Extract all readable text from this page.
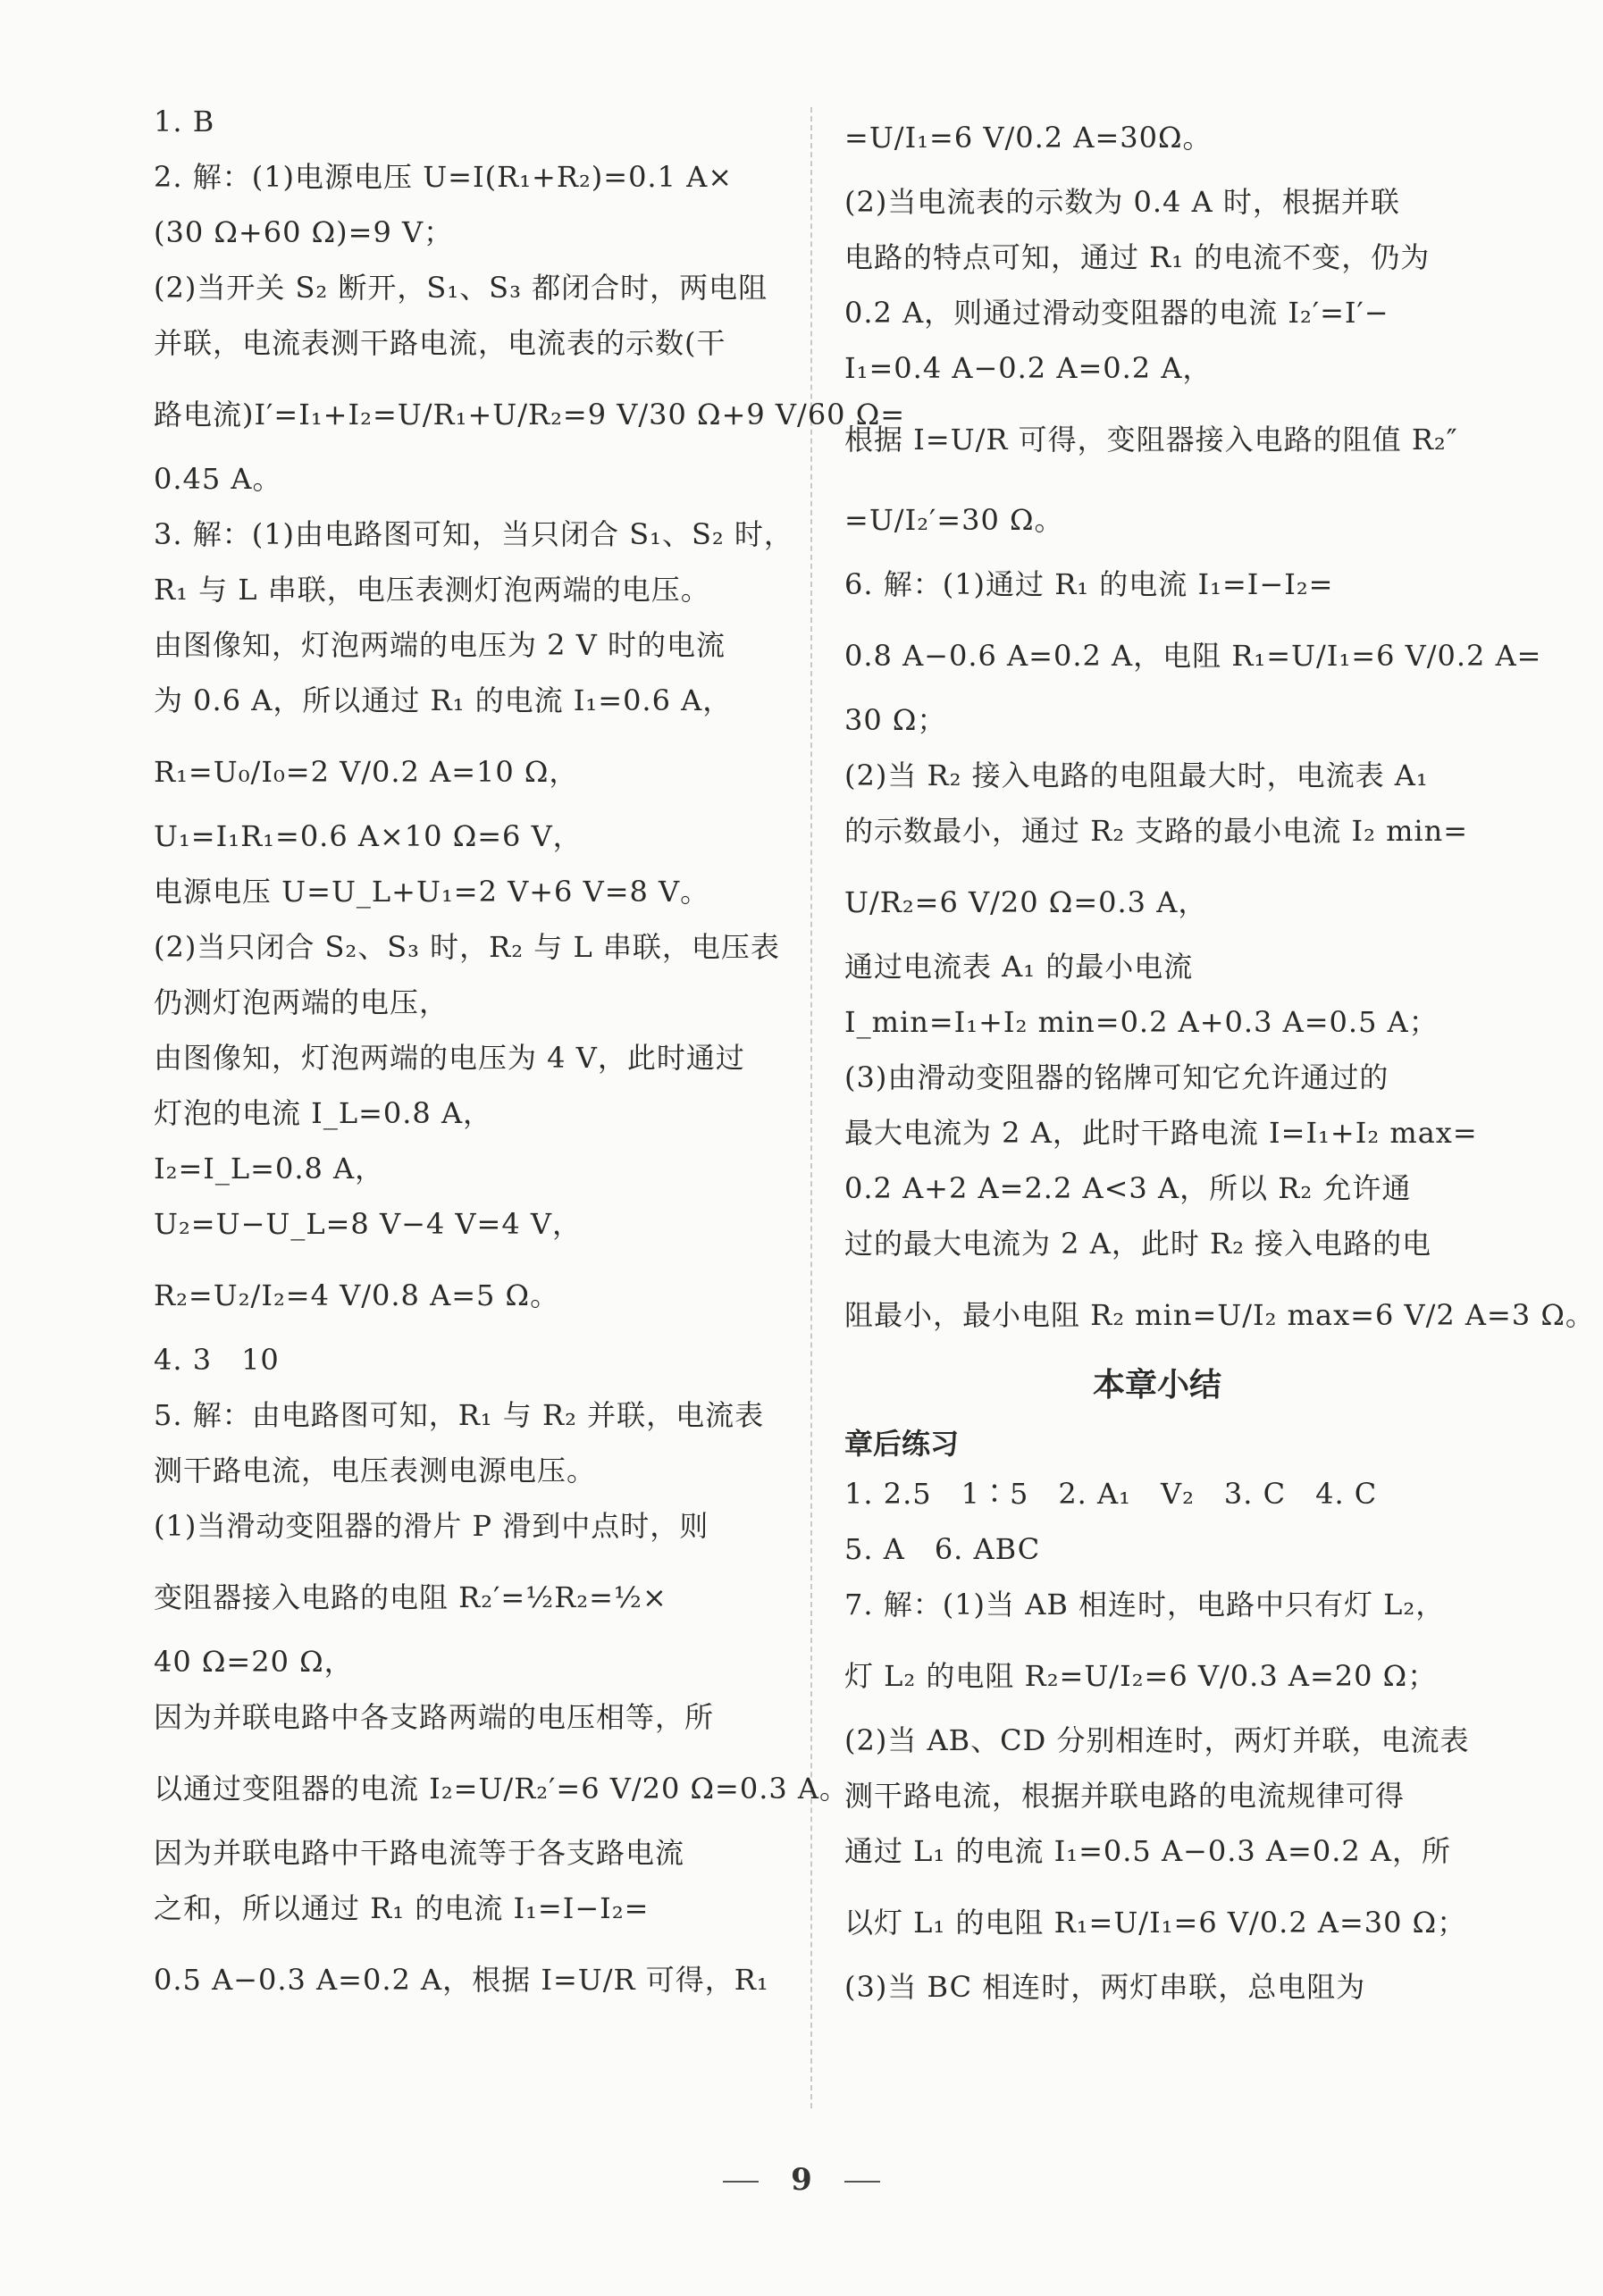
1. B
2. 解：(1)电源电压 U=I(R₁+R₂)=0.1 A×
(30 Ω+60 Ω)=9 V；
(2)当开关 S₂ 断开，S₁、S₃ 都闭合时，两电阻
并联，电流表测干路电流，电流表的示数(干
路电流)I′=I₁+I₂=U/R₁+U/R₂=9 V/30 Ω+9 V/60 Ω=
0.45 A。
3. 解：(1)由电路图可知，当只闭合 S₁、S₂ 时，
R₁ 与 L 串联，电压表测灯泡两端的电压。
由图像知，灯泡两端的电压为 2 V 时的电流
为 0.6 A，所以通过 R₁ 的电流 I₁=0.6 A，
R₁=U₀/I₀=2 V/0.2 A=10 Ω，
U₁=I₁R₁=0.6 A×10 Ω=6 V，
电源电压 U=U_L+U₁=2 V+6 V=8 V。
(2)当只闭合 S₂、S₃ 时，R₂ 与 L 串联，电压表
仍测灯泡两端的电压，
由图像知，灯泡两端的电压为 4 V，此时通过
灯泡的电流 I_L=0.8 A，
I₂=I_L=0.8 A，
U₂=U−U_L=8 V−4 V=4 V，
R₂=U₂/I₂=4 V/0.8 A=5 Ω。
4. 3　10
5. 解：由电路图可知，R₁ 与 R₂ 并联，电流表
测干路电流，电压表测电源电压。
(1)当滑动变阻器的滑片 P 滑到中点时，则
变阻器接入电路的电阻 R₂′=½R₂=½×
40 Ω=20 Ω，
因为并联电路中各支路两端的电压相等，所
以通过变阻器的电流 I₂=U/R₂′=6 V/20 Ω=0.3 A。
因为并联电路中干路电流等于各支路电流
之和，所以通过 R₁ 的电流 I₁=I−I₂=
0.5 A−0.3 A=0.2 A，根据 I=U/R 可得，R₁
=U/I₁=6 V/0.2 A=30Ω。
(2)当电流表的示数为 0.4 A 时，根据并联
电路的特点可知，通过 R₁ 的电流不变，仍为
0.2 A，则通过滑动变阻器的电流 I₂′=I′−
I₁=0.4 A−0.2 A=0.2 A，
根据 I=U/R 可得，变阻器接入电路的阻值 R₂″
=U/I₂′=30 Ω。
6. 解：(1)通过 R₁ 的电流 I₁=I−I₂=
0.8 A−0.6 A=0.2 A，电阻 R₁=U/I₁=6 V/0.2 A=
30 Ω；
(2)当 R₂ 接入电路的电阻最大时，电流表 A₁
的示数最小，通过 R₂ 支路的最小电流 I₂ min=
U/R₂=6 V/20 Ω=0.3 A，
通过电流表 A₁ 的最小电流
I_min=I₁+I₂ min=0.2 A+0.3 A=0.5 A；
(3)由滑动变阻器的铭牌可知它允许通过的
最大电流为 2 A，此时干路电流 I=I₁+I₂ max=
0.2 A+2 A=2.2 A<3 A，所以 R₂ 允许通
过的最大电流为 2 A，此时 R₂ 接入电路的电
阻最小，最小电阻 R₂ min=U/I₂ max=6 V/2 A=3 Ω。
本章小结
章后练习
1. 2.5　1∶5　2. A₁　V₂　3. C　4. C
5. A　6. ABC
7. 解：(1)当 AB 相连时，电路中只有灯 L₂，
灯 L₂ 的电阻 R₂=U/I₂=6 V/0.3 A=20 Ω；
(2)当 AB、CD 分别相连时，两灯并联，电流表
测干路电流，根据并联电路的电流规律可得
通过 L₁ 的电流 I₁=0.5 A−0.3 A=0.2 A，所
以灯 L₁ 的电阻 R₁=U/I₁=6 V/0.2 A=30 Ω；
(3)当 BC 相连时，两灯串联，总电阻为
9
